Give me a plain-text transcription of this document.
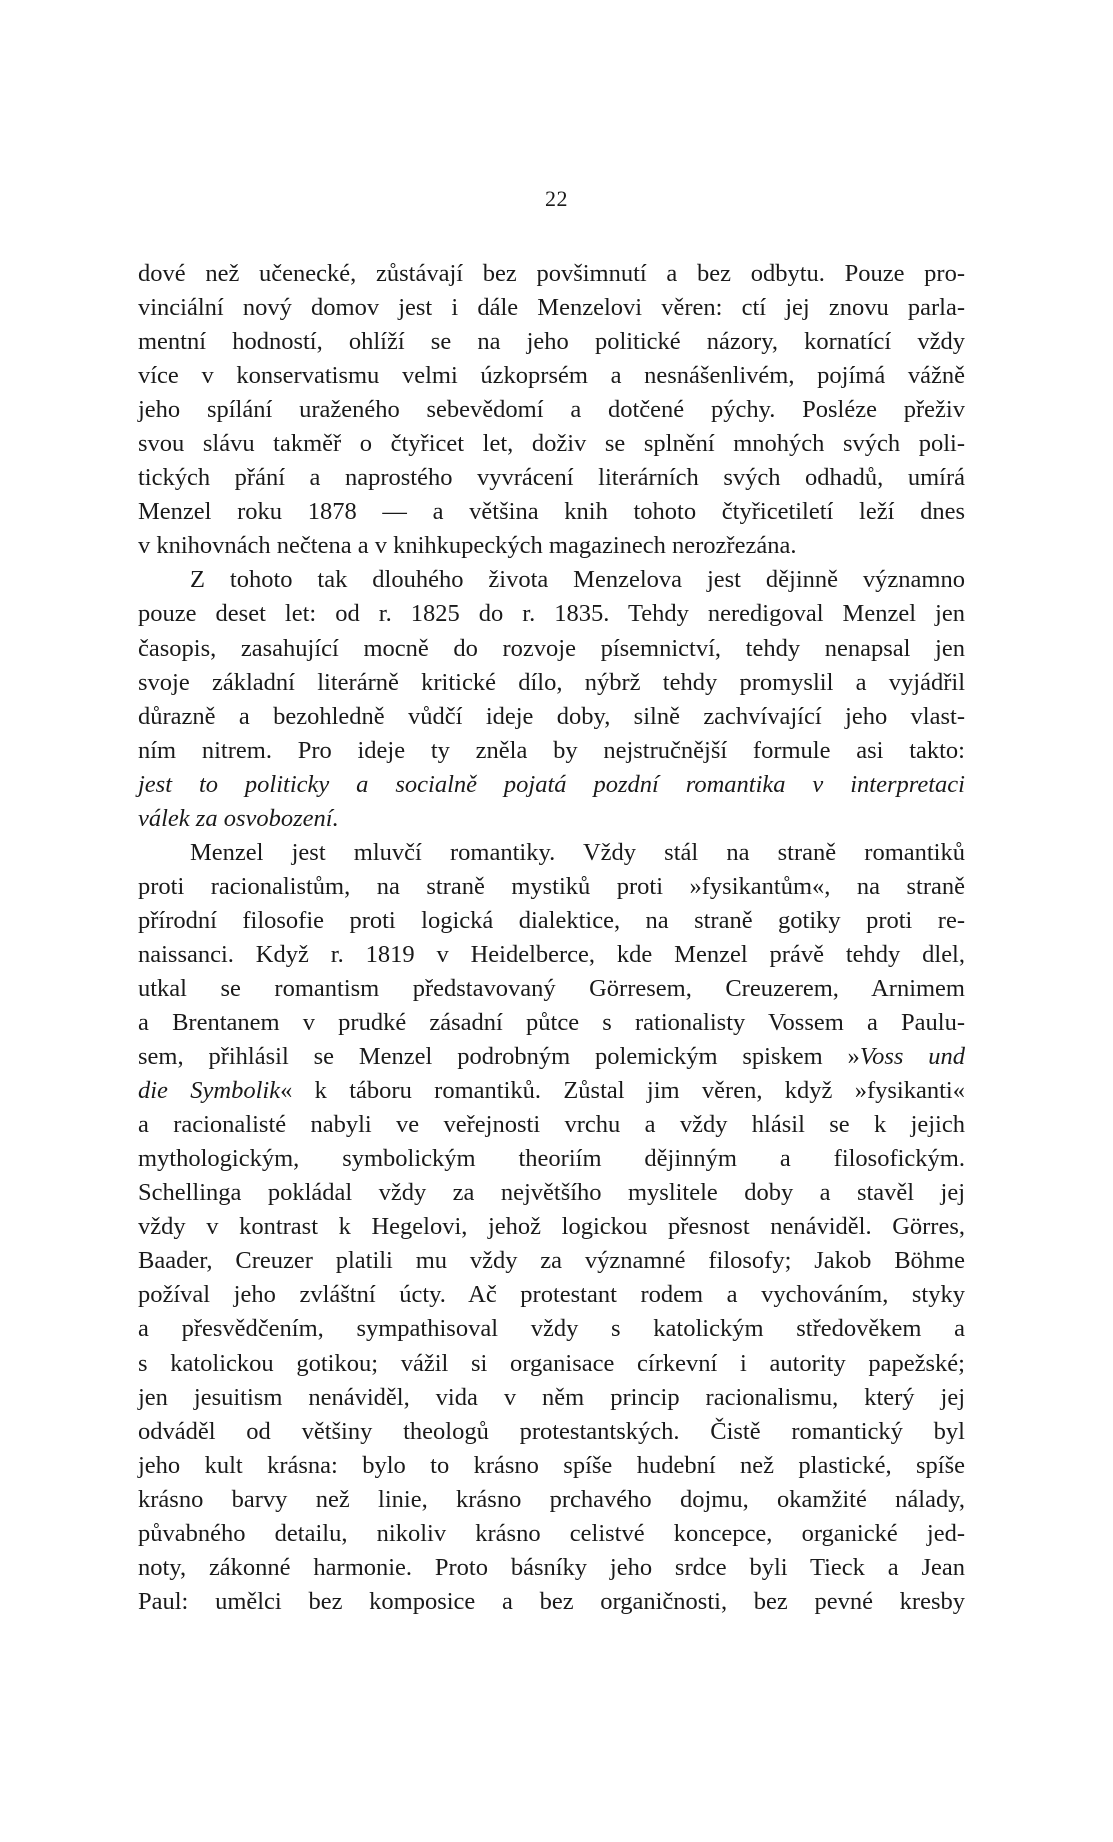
22
dové než učenecké, zůstávají bez povšimnutí a bez odbytu. Pouze pro-
vinciální nový domov jest i dále Menzelovi věren: ctí jej znovu parla-
mentní hodností, ohlíží se na jeho politické názory, kornatící vždy
více v konservatismu velmi úzkoprsém a nesnášenlivém, pojímá vážně
jeho spílání uraženého sebevědomí a dotčené pýchy. Posléze přeživ
svou slávu takměř o čtyřicet let, doživ se splnění mnohých svých poli-
tických přání a naprostého vyvrácení literárních svých odhadů, umírá
Menzel roku 1878 — a většina knih tohoto čtyřicetiletí leží dnes
v knihovnách nečtena a v knihkupeckých magazinech nerozřezána.
Z tohoto tak dlouhého života Menzelova jest dějinně významno
pouze deset let: od r. 1825 do r. 1835. Tehdy neredigoval Menzel jen
časopis, zasahující mocně do rozvoje písemnictví, tehdy nenapsal jen
svoje základní literárně kritické dílo, nýbrž tehdy promyslil a vyjádřil
důrazně a bezohledně vůdčí ideje doby, silně zachvívající jeho vlast-
ním nitrem. Pro ideje ty zněla by nejstručnější formule asi takto:
jest to politicky a socialně pojatá pozdní romantika v interpretaci
válek za osvobození.
Menzel jest mluvčí romantiky. Vždy stál na straně romantiků
proti racionalistům, na straně mystiků proti »fysikantům«, na straně
přírodní filosofie proti logická dialektice, na straně gotiky proti re-
naissanci. Když r. 1819 v Heidelberce, kde Menzel právě tehdy dlel,
utkal se romantism představovaný Görresem, Creuzerem, Arnimem
a Brentanem v prudké zásadní půtce s rationalisty Vossem a Paulu-
sem, přihlásil se Menzel podrobným polemickým spiskem »Voss und
die Symbolik« k táboru romantiků. Zůstal jim věren, když »fysikanti«
a racionalisté nabyli ve veřejnosti vrchu a vždy hlásil se k jejich
mythologickým, symbolickým theoriím dějinným a filosofickým.
Schellinga pokládal vždy za největšího myslitele doby a stavěl jej
vždy v kontrast k Hegelovi, jehož logickou přesnost nenáviděl. Görres,
Baader, Creuzer platili mu vždy za významné filosofy; Jakob Böhme
požíval jeho zvláštní úcty. Ač protestant rodem a vychováním, styky
a přesvědčením, sympathisoval vždy s katolickým středověkem a
s katolickou gotikou; vážil si organisace církevní i autority papežské;
jen jesuitism nenáviděl, vida v něm princip racionalismu, který jej
odváděl od většiny theologů protestantských. Čistě romantický byl
jeho kult krásna: bylo to krásno spíše hudební než plastické, spíše
krásno barvy než linie, krásno prchavého dojmu, okamžité nálady,
půvabného detailu, nikoliv krásno celistvé koncepce, organické jed-
noty, zákonné harmonie. Proto básníky jeho srdce byli Tieck a Jean
Paul: umělci bez komposice a bez organičnosti, bez pevné kresby
